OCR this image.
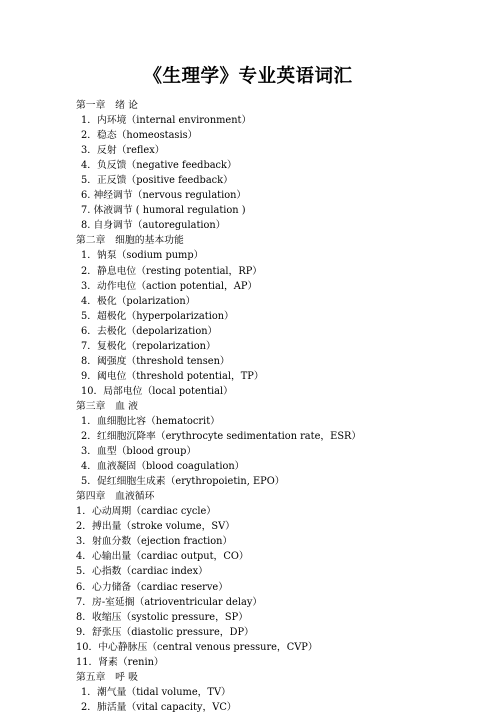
《生理学》专业英语词汇
第一章　绪 论
1．内环境（internal environment）
2．稳态（homeostasis）
3．反射（reflex）
4．负反馈（negative feedback）
5．正反馈（positive feedback）
6. 神经调节（nervous regulation）
7. 体液调节 ( humoral regulation )
8. 自身调节（autoregulation）
第二章　细胞的基本功能
1．钠泵（sodium pump）
2．静息电位（resting potential，RP）
3．动作电位（action potential，AP）
4．极化（polarization）
5．超极化（hyperpolarization）
6．去极化（depolarization）
7．复极化（repolarization）
8．阈强度（threshold tensen）
9．阈电位（threshold potential，TP）
10．局部电位（local potential）
第三章　血 液
1．血细胞比容（hematocrit）
2．红细胞沉降率（erythrocyte sedimentation rate，ESR）
3．血型（blood group）
4．血液凝固（blood coagulation）
5．促红细胞生成素（erythropoietin, EPO）
第四章　血液循环
1．心动周期（cardiac cycle）
2．搏出量（stroke volume，SV）
3．射血分数（ejection fraction）
4．心输出量（cardiac output，CO）
5．心指数（cardiac index）
6．心力储备（cardiac reserve）
7．房-室延搁（atrioventricular delay）
8．收缩压（systolic pressure，SP）
9．舒张压（diastolic pressure，DP）
10．中心静脉压（central venous pressure，CVP）
11．肾素（renin）
第五章　呼 吸
1．潮气量（tidal volume，TV）
2．肺活量（vital capacity，VC）
